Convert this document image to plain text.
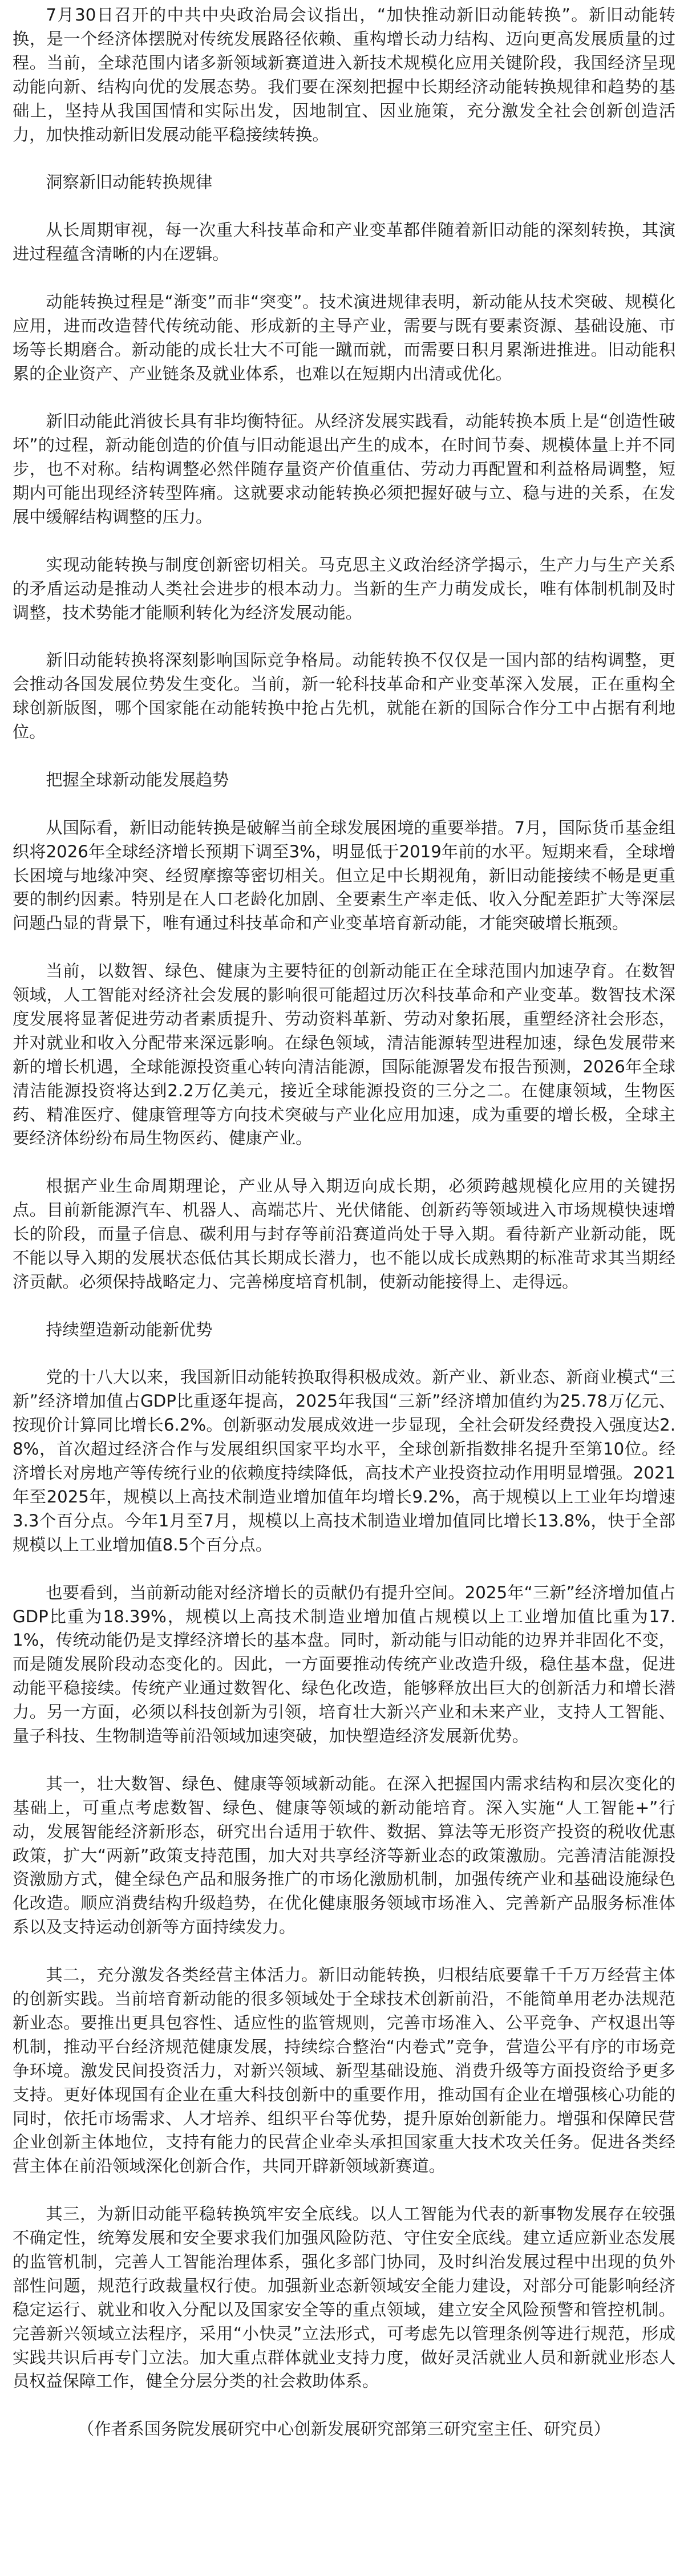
7月30日召开的中共中央政治局会议指出，“加快推动新旧动能转换”。新旧动能转换，是一个经济体摆脱对传统发展路径依赖、重构增长动力结构、迈向更高发展质量的过程。当前，全球范围内诸多新领域新赛道进入新技术规模化应用关键阶段，我国经济呈现动能向新、结构向优的发展态势。我们要在深刻把握中长期经济动能转换规律和趋势的基础上，坚持从我国国情和实际出发，因地制宜、因业施策，充分激发全社会创新创造活力，加快推动新旧发展动能平稳接续转换。

洞察新旧动能转换规律

从长周期审视，每一次重大科技革命和产业变革都伴随着新旧动能的深刻转换，其演进过程蕴含清晰的内在逻辑。

动能转换过程是“渐变”而非“突变”。技术演进规律表明，新动能从技术突破、规模化应用，进而改造替代传统动能、形成新的主导产业，需要与既有要素资源、基础设施、市场等长期磨合。新动能的成长壮大不可能一蹴而就，而需要日积月累渐进推进。旧动能积累的企业资产、产业链条及就业体系，也难以在短期内出清或优化。

新旧动能此消彼长具有非均衡特征。从经济发展实践看，动能转换本质上是“创造性破坏”的过程，新动能创造的价值与旧动能退出产生的成本，在时间节奏、规模体量上并不同步，也不对称。结构调整必然伴随存量资产价值重估、劳动力再配置和利益格局调整，短期内可能出现经济转型阵痛。这就要求动能转换必须把握好破与立、稳与进的关系，在发展中缓解结构调整的压力。

实现动能转换与制度创新密切相关。马克思主义政治经济学揭示，生产力与生产关系的矛盾运动是推动人类社会进步的根本动力。当新的生产力萌发成长，唯有体制机制及时调整，技术势能才能顺利转化为经济发展动能。

新旧动能转换将深刻影响国际竞争格局。动能转换不仅仅是一国内部的结构调整，更会推动各国发展位势发生变化。当前，新一轮科技革命和产业变革深入发展，正在重构全球创新版图，哪个国家能在动能转换中抢占先机，就能在新的国际合作分工中占据有利地位。

把握全球新动能发展趋势

从国际看，新旧动能转换是破解当前全球发展困境的重要举措。7月，国际货币基金组织将2026年全球经济增长预期下调至3%，明显低于2019年前的水平。短期来看，全球增长困境与地缘冲突、经贸摩擦等密切相关。但立足中长期视角，新旧动能接续不畅是更重要的制约因素。特别是在人口老龄化加剧、全要素生产率走低、收入分配差距扩大等深层问题凸显的背景下，唯有通过科技革命和产业变革培育新动能，才能突破增长瓶颈。

当前，以数智、绿色、健康为主要特征的创新动能正在全球范围内加速孕育。在数智领域，人工智能对经济社会发展的影响很可能超过历次科技革命和产业变革。数智技术深度发展将显著促进劳动者素质提升、劳动资料革新、劳动对象拓展，重塑经济社会形态，并对就业和收入分配带来深远影响。在绿色领域，清洁能源转型进程加速，绿色发展带来新的增长机遇，全球能源投资重心转向清洁能源，国际能源署发布报告预测，2026年全球清洁能源投资将达到2.2万亿美元，接近全球能源投资的三分之二。在健康领域，生物医药、精准医疗、健康管理等方向技术突破与产业化应用加速，成为重要的增长极，全球主要经济体纷纷布局生物医药、健康产业。

根据产业生命周期理论，产业从导入期迈向成长期，必须跨越规模化应用的关键拐点。目前新能源汽车、机器人、高端芯片、光伏储能、创新药等领域进入市场规模快速增长的阶段，而量子信息、碳利用与封存等前沿赛道尚处于导入期。看待新产业新动能，既不能以导入期的发展状态低估其长期成长潜力，也不能以成长成熟期的标准苛求其当期经济贡献。必须保持战略定力、完善梯度培育机制，使新动能接得上、走得远。

持续塑造新动能新优势

党的十八大以来，我国新旧动能转换取得积极成效。新产业、新业态、新商业模式“三新”经济增加值占GDP比重逐年提高，2025年我国“三新”经济增加值约为25.78万亿元、按现价计算同比增长6.2%。创新驱动发展成效进一步显现，全社会研发经费投入强度达2.8%，首次超过经济合作与发展组织国家平均水平，全球创新指数排名提升至第10位。经济增长对房地产等传统行业的依赖度持续降低，高技术产业投资拉动作用明显增强。2021年至2025年，规模以上高技术制造业增加值年均增长9.2%，高于规模以上工业年均增速3.3个百分点。今年1月至7月，规模以上高技术制造业增加值同比增长13.8%，快于全部规模以上工业增加值8.5个百分点。

也要看到，当前新动能对经济增长的贡献仍有提升空间。2025年“三新”经济增加值占GDP比重为18.39%，规模以上高技术制造业增加值占规模以上工业增加值比重为17.1%，传统动能仍是支撑经济增长的基本盘。同时，新动能与旧动能的边界并非固化不变，而是随发展阶段动态变化的。因此，一方面要推动传统产业改造升级，稳住基本盘，促进动能平稳接续。传统产业通过数智化、绿色化改造，能够释放出巨大的创新活力和增长潜力。另一方面，必须以科技创新为引领，培育壮大新兴产业和未来产业，支持人工智能、量子科技、生物制造等前沿领域加速突破，加快塑造经济发展新优势。

其一，壮大数智、绿色、健康等领域新动能。在深入把握国内需求结构和层次变化的基础上，可重点考虑数智、绿色、健康等领域的新动能培育。深入实施“人工智能+”行动，发展智能经济新形态，研究出台适用于软件、数据、算法等无形资产投资的税收优惠政策，扩大“两新”政策支持范围，加大对共享经济等新业态的政策激励。完善清洁能源投资激励方式，健全绿色产品和服务推广的市场化激励机制，加强传统产业和基础设施绿色化改造。顺应消费结构升级趋势，在优化健康服务领域市场准入、完善新产品服务标准体系以及支持运动创新等方面持续发力。

其二，充分激发各类经营主体活力。新旧动能转换，归根结底要靠千千万万经营主体的创新实践。当前培育新动能的很多领域处于全球技术创新前沿，不能简单用老办法规范新业态。要推出更具包容性、适应性的监管规则，完善市场准入、公平竞争、产权退出等机制，推动平台经济规范健康发展，持续综合整治“内卷式”竞争，营造公平有序的市场竞争环境。激发民间投资活力，对新兴领域、新型基础设施、消费升级等方面投资给予更多支持。更好体现国有企业在重大科技创新中的重要作用，推动国有企业在增强核心功能的同时，依托市场需求、人才培养、组织平台等优势，提升原始创新能力。增强和保障民营企业创新主体地位，支持有能力的民营企业牵头承担国家重大技术攻关任务。促进各类经营主体在前沿领域深化创新合作，共同开辟新领域新赛道。

其三，为新旧动能平稳转换筑牢安全底线。以人工智能为代表的新事物发展存在较强不确定性，统筹发展和安全要求我们加强风险防范、守住安全底线。建立适应新业态发展的监管机制，完善人工智能治理体系，强化多部门协同，及时纠治发展过程中出现的负外部性问题，规范行政裁量权行使。加强新业态新领域安全能力建设，对部分可能影响经济稳定运行、就业和收入分配以及国家安全等的重点领域，建立安全风险预警和管控机制。完善新兴领域立法程序，采用“小快灵”立法形式，可考虑先以管理条例等进行规范，形成实践共识后再专门立法。加大重点群体就业支持力度，做好灵活就业人员和新就业形态人员权益保障工作，健全分层分类的社会救助体系。

（作者系国务院发展研究中心创新发展研究部第三研究室主任、研究员）
